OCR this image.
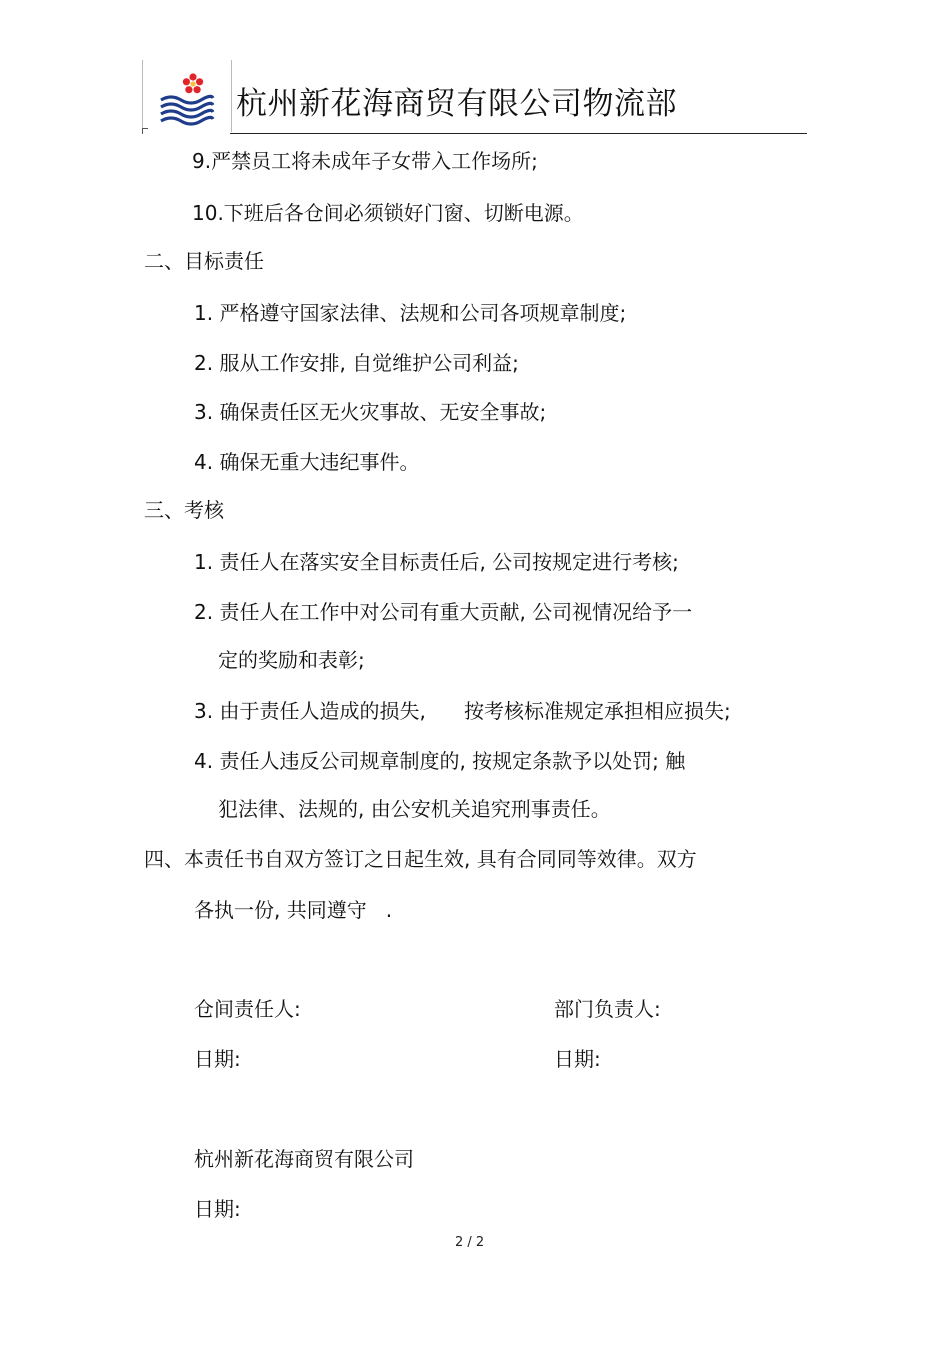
杭州新花海商贸有限公司物流部
9.严禁员工将未成年子女带入工作场所;
10.下班后各仓间必须锁好门窗、切断电源。
二、目标责任
1. 严格遵守国家法律、法规和公司各项规章制度;
2. 服从工作安排, 自觉维护公司利益;
3. 确保责任区无火灾事故、无安全事故;
4. 确保无重大违纪事件。
三、考核
1. 责任人在落实安全目标责任后, 公司按规定进行考核;
2. 责任人在工作中对公司有重大贡献, 公司视情况给予一
定的奖励和表彰;
3. 由于责任人造成的损失,      按考核标准规定承担相应损失;
4. 责任人违反公司规章制度的, 按规定条款予以处罚; 触
犯法律、法规的, 由公安机关追究刑事责任。
四、本责任书自双方签订之日起生效, 具有合同同等效律。双方
各执一份, 共同遵守   .
仓间责任人:	部门负责人:
日期:	日期:
杭州新花海商贸有限公司
日期:
2 / 2
